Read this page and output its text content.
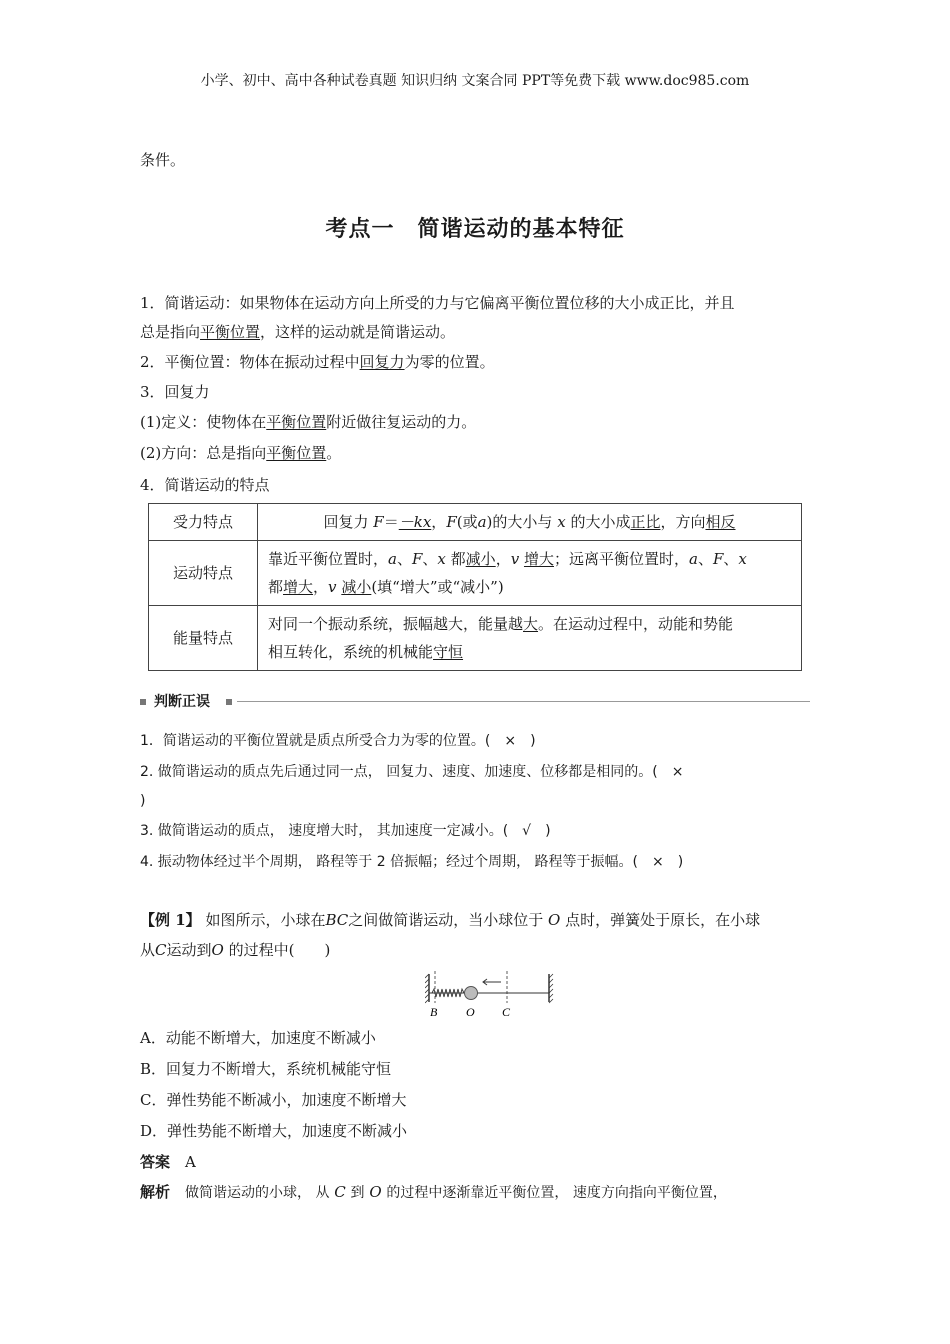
小学、初中、高中各种试卷真题 知识归纳 文案合同 PPT等免费下载 www.doc985.com
条件。
考点一　简谐运动的基本特征
1．简谐运动：如果物体在运动方向上所受的力与它偏离平衡位置位移的大小成正比，并且
总是指向平衡位置，这样的运动就是简谐运动。
2．平衡位置：物体在振动过程中回复力为零的位置。
3．回复力
(1)定义：使物体在平衡位置附近做往复运动的力。
(2)方向：总是指向平衡位置。
4．简谐运动的特点
受力特点	回复力 F＝－kx，F(或a)的大小与 x 的大小成正比，方向相反
运动特点	靠近平衡位置时，a、F、x 都减小，v 增大；远离平衡位置时，a、F、x
都增大，v 减小(填“增大”或“减小”)

能量特点	对同一个振动系统，振幅越大，能量越大。在运动过程中，动能和势能
相互转化，系统的机械能守恒
判断正误
1．简谐运动的平衡位置就是质点所受合力为零的位置。(　×　)
2. 做简谐运动的质点先后通过同一点， 回复力、速度、加速度、位移都是相同的。(　×
)
3. 做简谐运动的质点， 速度增大时， 其加速度一定减小。(　√　)
4. 振动物体经过半个周期， 路程等于 2 倍振幅；经过个周期， 路程等于振幅。(　×　)
【例 1】 如图所示，小球在BC之间做简谐运动，当小球位于 O 点时，弹簧处于原长，在小球
从C运动到O 的过程中(　　)
B O C
A．动能不断增大，加速度不断减小
B．回复力不断增大，系统机械能守恒
C．弹性势能不断减小，加速度不断增大
D．弹性势能不断增大，加速度不断减小
答案　 A
解析　 做简谐运动的小球， 从 C 到 O 的过程中逐渐靠近平衡位置， 速度方向指向平衡位置，
